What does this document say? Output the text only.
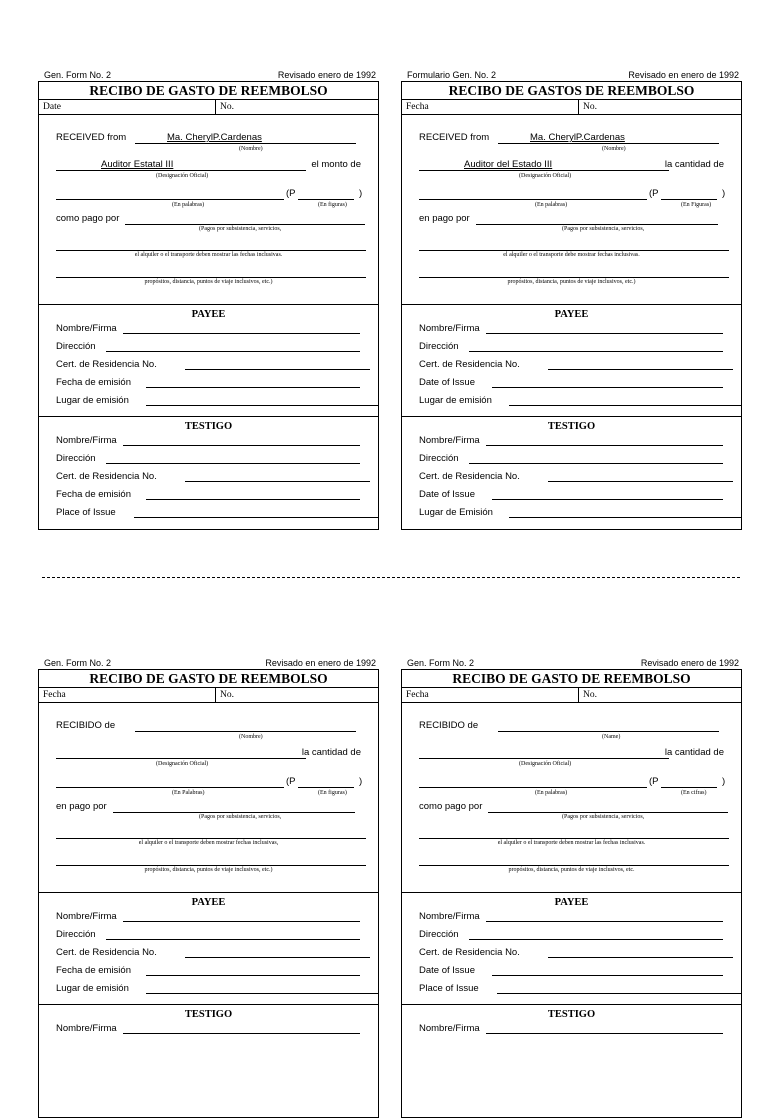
Gen. Form No. 2	Revisado enero de 1992
RECIBO DE GASTO DE REEMBOLSO
Date	No.
RECEIVED from	Ma. CherylP.Cardenas
(Nombre)
Auditor Estatal III	el monto de
(Designación Oficial)
(P	)
(En palabras)	(En figuras)
como pago por
(Pagos por subsistencia, servicios,
el alquiler o el transporte deben mostrar las fechas inclusivas.
propósitos, distancia, puntos de viaje inclusivos, etc.)
PAYEE
Nombre/Firma
Dirección
Cert. de Residencia No.
Fecha de emisión
Lugar de emisión
TESTIGO
Nombre/Firma
Dirección
Cert. de Residencia No.
Fecha de emisión
Place of Issue
Formulario Gen. No. 2	Revisado en enero de 1992
RECIBO DE GASTOS DE REEMBOLSO
Fecha	No.
RECEIVED from	Ma. CherylP.Cardenas
(Nombre)
Auditor del Estado III	la cantidad de
(Designación Oficial)
(P	)
(En palabras)	(En Figuras)
en pago por
(Pagos por subsistencia, servicios,
el alquiler o el transporte debe mostrar fechas inclusivas.
propósitos, distancia, puntos de viaje inclusivos, etc.)
PAYEE
Nombre/Firma
Dirección
Cert. de Residencia No.
Date of Issue
Lugar de emisión
TESTIGO
Nombre/Firma
Dirección
Cert. de Residencia No.
Date of Issue
Lugar de Emisión
Gen. Form No. 2	Revisado en enero de 1992
RECIBO DE GASTO DE REEMBOLSO
Fecha	No.
RECIBIDO de
(Nombre)
la cantidad de
(Designación Oficial)
(P	)
(En Palabras)	(En figuras)
en pago por
(Pagos por subsistencia, servicios,
el alquiler o el transporte deben mostrar fechas inclusivas,
propósitos, distancia, puntos de viaje inclusivos, etc.)
PAYEE
Nombre/Firma
Dirección
Cert. de Residencia No.
Fecha de emisión
Lugar de emisión
TESTIGO
Nombre/Firma
Gen. Form No. 2	Revisado enero de 1992
RECIBO DE GASTO DE REEMBOLSO
Fecha	No.
RECIBIDO de
(Name)
la cantidad de
(Designación Oficial)
(P	)
(En palabras)	(En cifras)
como pago por
(Pagos por subsistencia, servicios,
el alquiler o el transporte deben mostrar las fechas inclusivas.
propósitos, distancia, puntos de viaje inclusivos, etc.
PAYEE
Nombre/Firma
Dirección
Cert. de Residencia No.
Date of Issue
Place of Issue
TESTIGO
Nombre/Firma
